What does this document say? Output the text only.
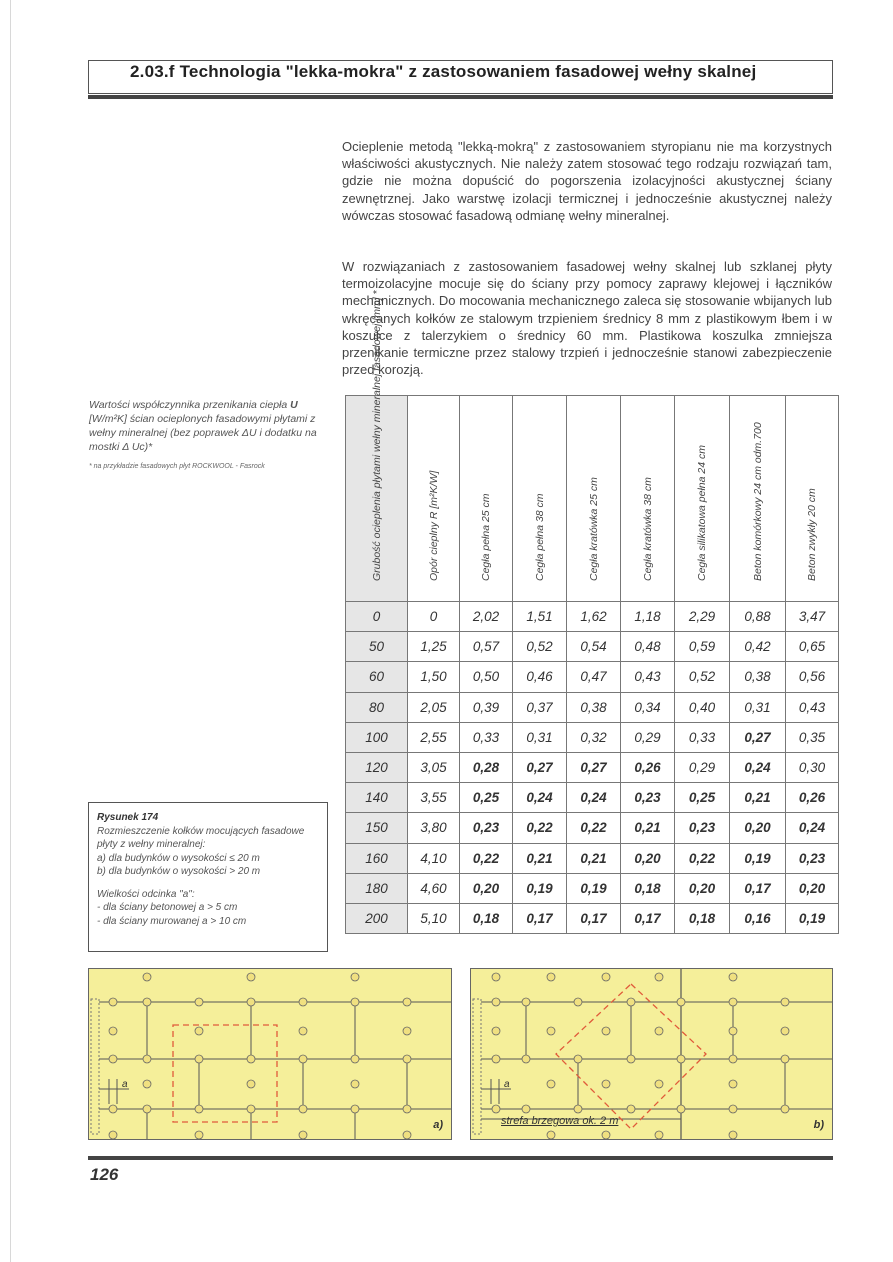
2.03.f Technologia "lekka-mokra" z zastosowaniem fasadowej wełny skalnej

Ocieplenie metodą "lekką-mokrą" z zastosowaniem styropianu nie ma korzystnych właściwości akustycznych. Nie należy zatem stosować tego rodzaju rozwiązań tam, gdzie nie można dopuścić do pogorszenia izolacyjności akustycznej ściany zewnętrznej. Jako warstwę izolacji termicznej i jednocześnie akustycznej należy wówczas stosować fasadową odmianę wełny mineralnej.

W rozwiązaniach z zastosowaniem fasadowej wełny skalnej lub szklanej płyty termoizolacyjne mocuje się do ściany przy pomocy zaprawy klejowej i łączników mechanicznych. Do mocowania mechanicznego zaleca się stosowanie wbijanych lub wkręcanych kołków ze stalowym trzpieniem średnicy 8 mm z plastikowym łbem i w koszulce z talerzykiem o średnicy 60 mm. Plastikowa koszulka zmniejsza przenikanie termiczne przez stalowy trzpień i jednocześnie stanowi zabezpieczenie przed korozją.

Wartości współczynnika przenikania ciepła U [W/m²K] ścian ocieplonych fasadowymi płytami z wełny mineralnej (bez poprawek ΔU i dodatku na mostki Δ Uc)*
* na przykładzie fasadowych płyt ROCKWOOL - Fasrock
Rysunek 174
Rozmieszczenie kołków mocujących fasadowe płyty z wełny mineralnej:
a) dla budynków o wysokości ≤ 20 m
b) dla budynków o wysokości > 20 m
Wielkości odcinka "a":
- dla ściany betonowej a > 5 cm
- dla ściany murowanej a > 10 cm
Grubość ocieplenia płytami wełny mineralnej fasadowej [mm] *	Opór cieplny R [m²K/W]	Cegła pełna 25 cm	Cegła pełna 38 cm	Cegła kratówka 25 cm	Cegła kratówka 38 cm	Cegła silikatowa pełna 24 cm	Beton komórkowy 24 cm odm.700	Beton zwykły 20 cm

0	0	2,02	1,51	1,62	1,18	2,29	0,88	3,47
50	1,25	0,57	0,52	0,54	0,48	0,59	0,42	0,65
60	1,50	0,50	0,46	0,47	0,43	0,52	0,38	0,56
80	2,05	0,39	0,37	0,38	0,34	0,40	0,31	0,43
100	2,55	0,33	0,31	0,32	0,29	0,33	0,27	0,35
120	3,05	0,28	0,27	0,27	0,26	0,29	0,24	0,30
140	3,55	0,25	0,24	0,24	0,23	0,25	0,21	0,26
150	3,80	0,23	0,22	0,22	0,21	0,23	0,20	0,24
160	4,10	0,22	0,21	0,21	0,20	0,22	0,19	0,23
180	4,60	0,20	0,19	0,19	0,18	0,20	0,17	0,20
200	5,10	0,18	0,17	0,17	0,17	0,18	0,16	0,19
a
a)
a
strefa brzegowa ok. 2 m	b)
126
